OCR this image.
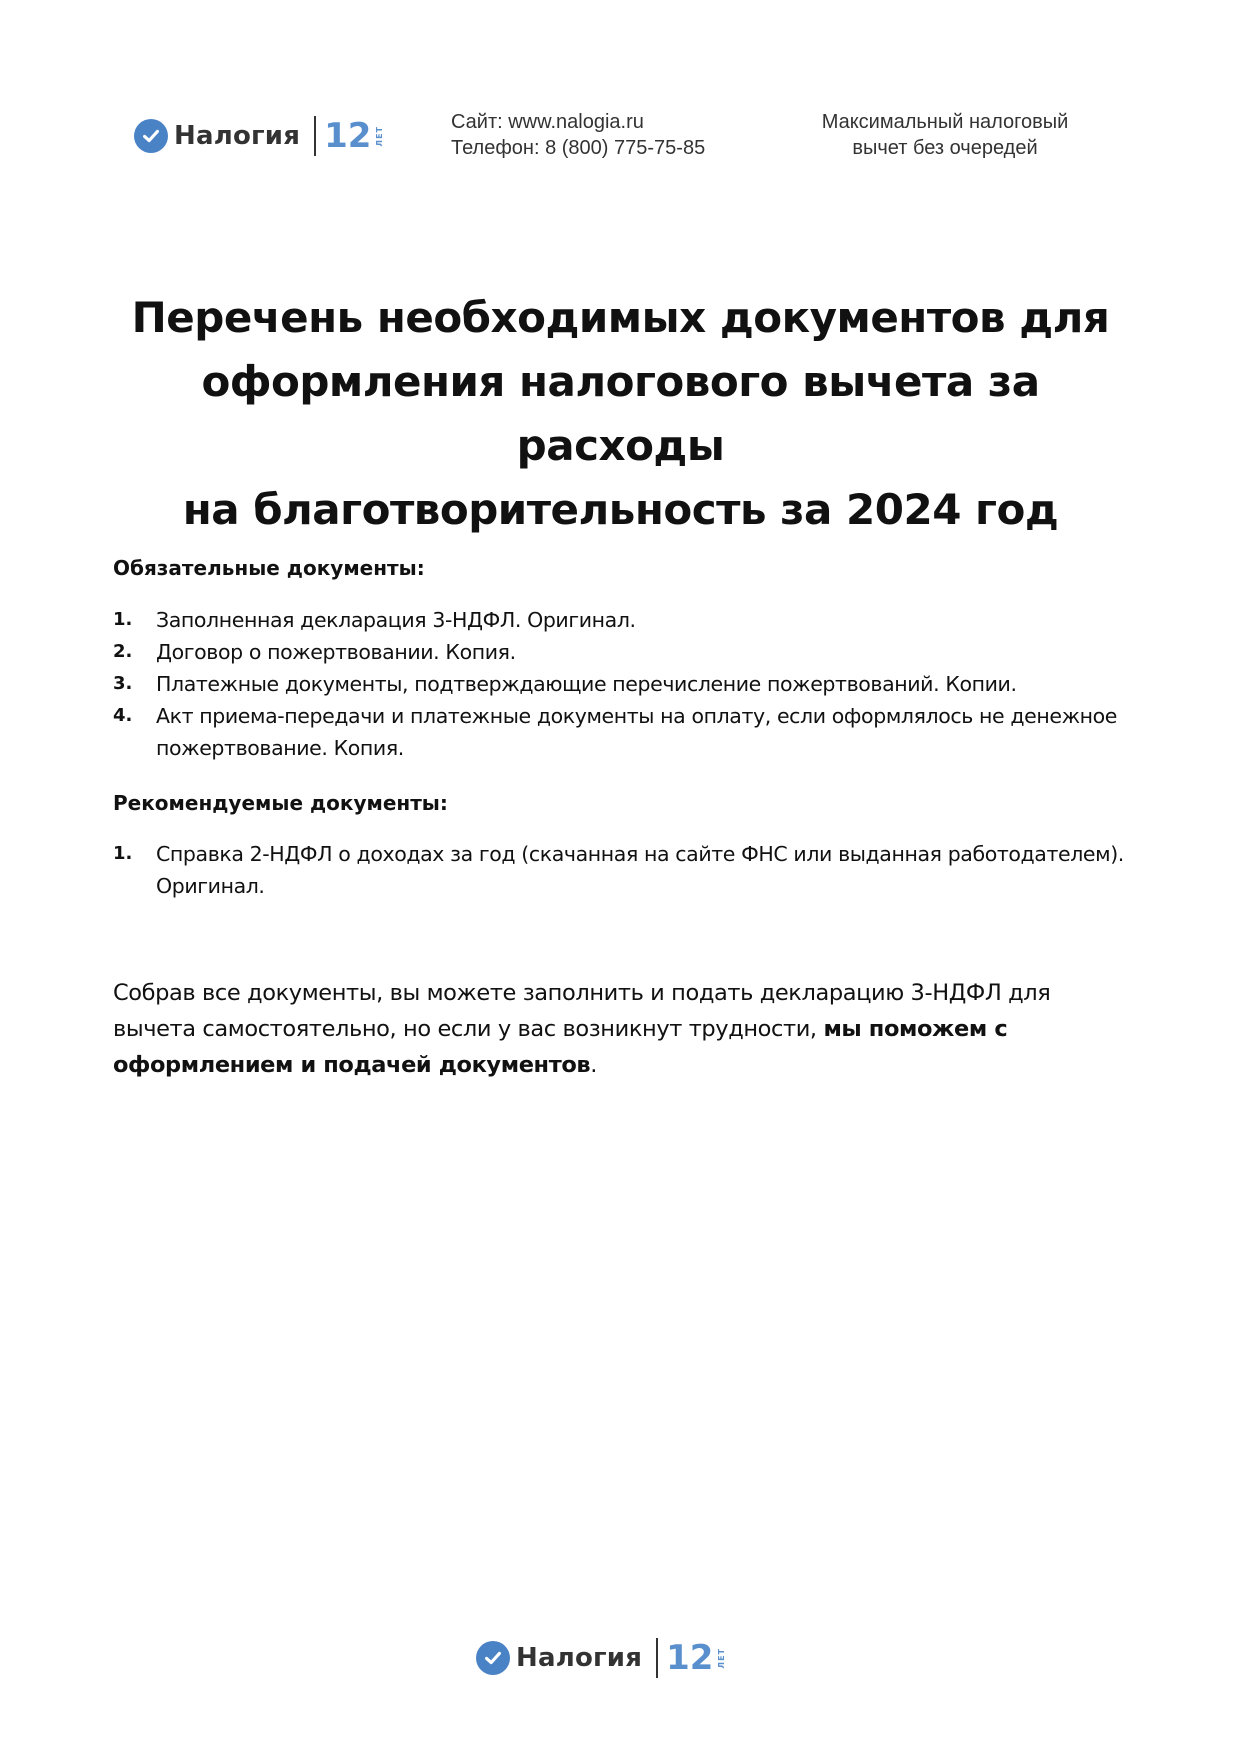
Налогия 12 ЛЕТ
Сайт: www.nalogia.ru
Телефон: 8 (800) 775-75-85
Максимальный налоговый
вычет без очередей
Перечень необходимых документов для
оформления налогового вычета за расходы
на благотворительность за 2024 год
Обязательные документы:
1.	Заполненная декларация 3-НДФЛ. Оригинал.
2.	Договор о пожертвовании. Копия.
3.	Платежные документы, подтверждающие перечисление пожертвований. Копии.
4.	Акт приема-передачи и платежные документы на оплату, если оформлялось не денежное пожертвование. Копия.
Рекомендуемые документы:
1.	Справка 2-НДФЛ о доходах за год (скачанная на сайте ФНС или выданная работодателем). Оригинал.

Собрав все документы, вы можете заполнить и подать декларацию 3-НДФЛ для вычета самостоятельно, но если у вас возникнут трудности, мы поможем с оформлением и подачей документов.

Налогия 12 ЛЕТ
